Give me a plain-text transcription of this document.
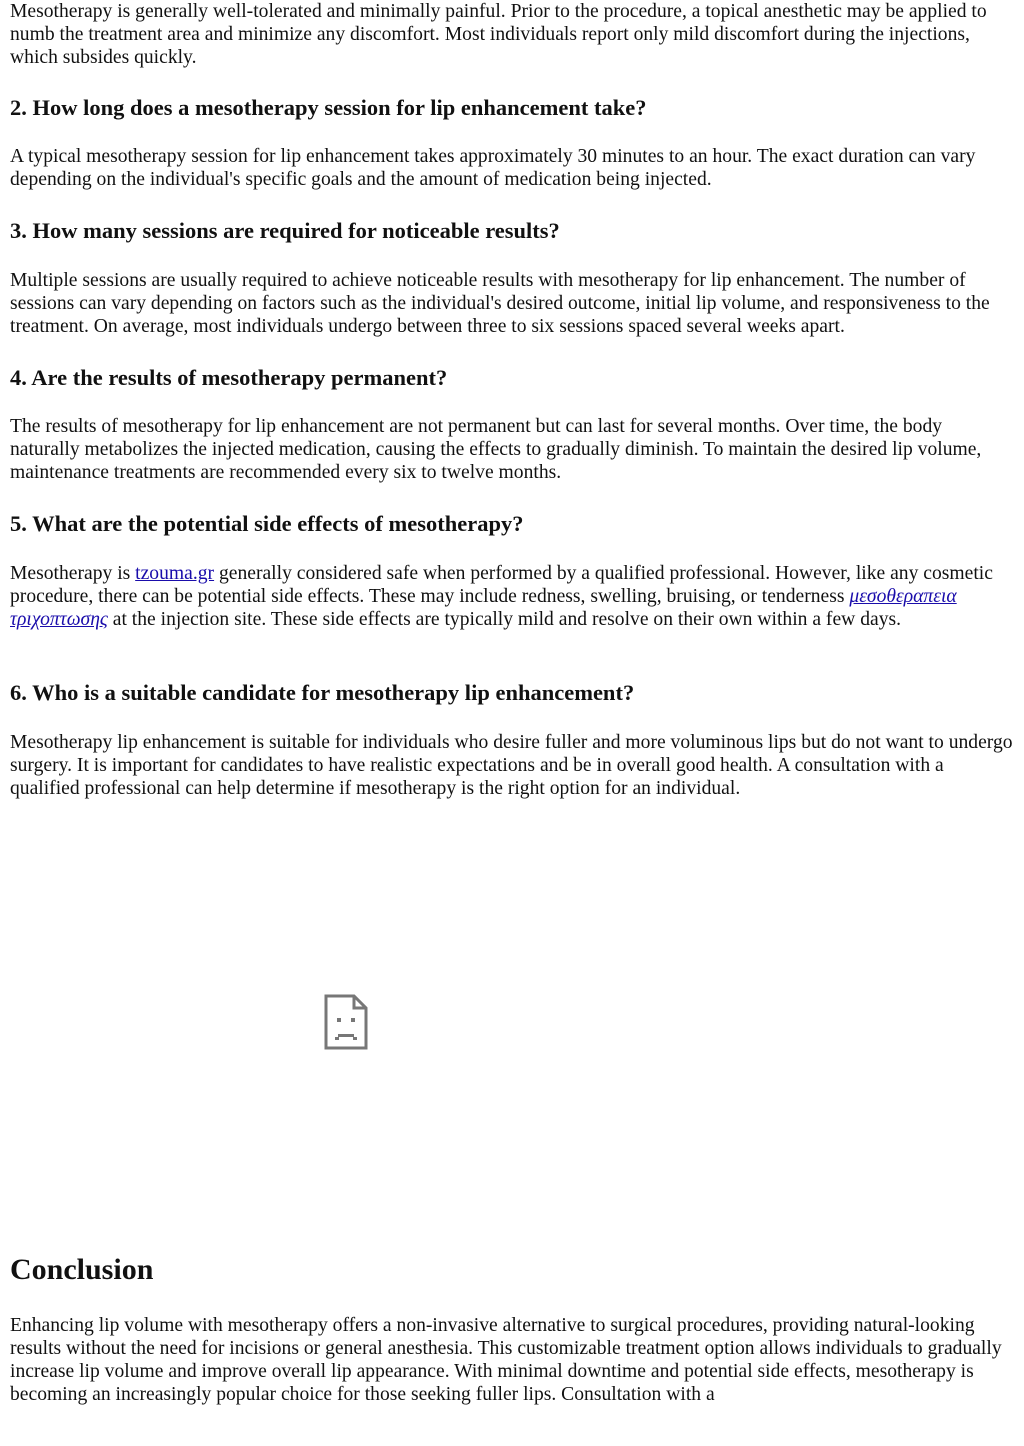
Mesotherapy is generally well-tolerated and minimally painful. Prior to the procedure, a topical anesthetic may be applied to numb the treatment area and minimize any discomfort. Most individuals report only mild discomfort during the injections, which subsides quickly.

2. How long does a mesotherapy session for lip enhancement take?

A typical mesotherapy session for lip enhancement takes approximately 30 minutes to an hour. The exact duration can vary depending on the individual's specific goals and the amount of medication being injected.

3. How many sessions are required for noticeable results?

Multiple sessions are usually required to achieve noticeable results with mesotherapy for lip enhancement. The number of sessions can vary depending on factors such as the individual's desired outcome, initial lip volume, and responsiveness to the treatment. On average, most individuals undergo between three to six sessions spaced several weeks apart.

4. Are the results of mesotherapy permanent?

The results of mesotherapy for lip enhancement are not permanent but can last for several months. Over time, the body naturally metabolizes the injected medication, causing the effects to gradually diminish. To maintain the desired lip volume, maintenance treatments are recommended every six to twelve months.

5. What are the potential side effects of mesotherapy?

Mesotherapy is tzouma.gr generally considered safe when performed by a qualified professional. However, like any cosmetic procedure, there can be potential side effects. These may include redness, swelling, bruising, or tenderness μεσοθεραπεια τριχοπτωσης at the injection site. These side effects are typically mild and resolve on their own within a few days.

6. Who is a suitable candidate for mesotherapy lip enhancement?

Mesotherapy lip enhancement is suitable for individuals who desire fuller and more voluminous lips but do not want to undergo surgery. It is important for candidates to have realistic expectations and be in overall good health. A consultation with a qualified professional can help determine if mesotherapy is the right option for an individual.

Conclusion

Enhancing lip volume with mesotherapy offers a non-invasive alternative to surgical procedures, providing natural-looking results without the need for incisions or general anesthesia. This customizable treatment option allows individuals to gradually increase lip volume and improve overall lip appearance. With minimal downtime and potential side effects, mesotherapy is becoming an increasingly popular choice for those seeking fuller lips. Consultation with a
